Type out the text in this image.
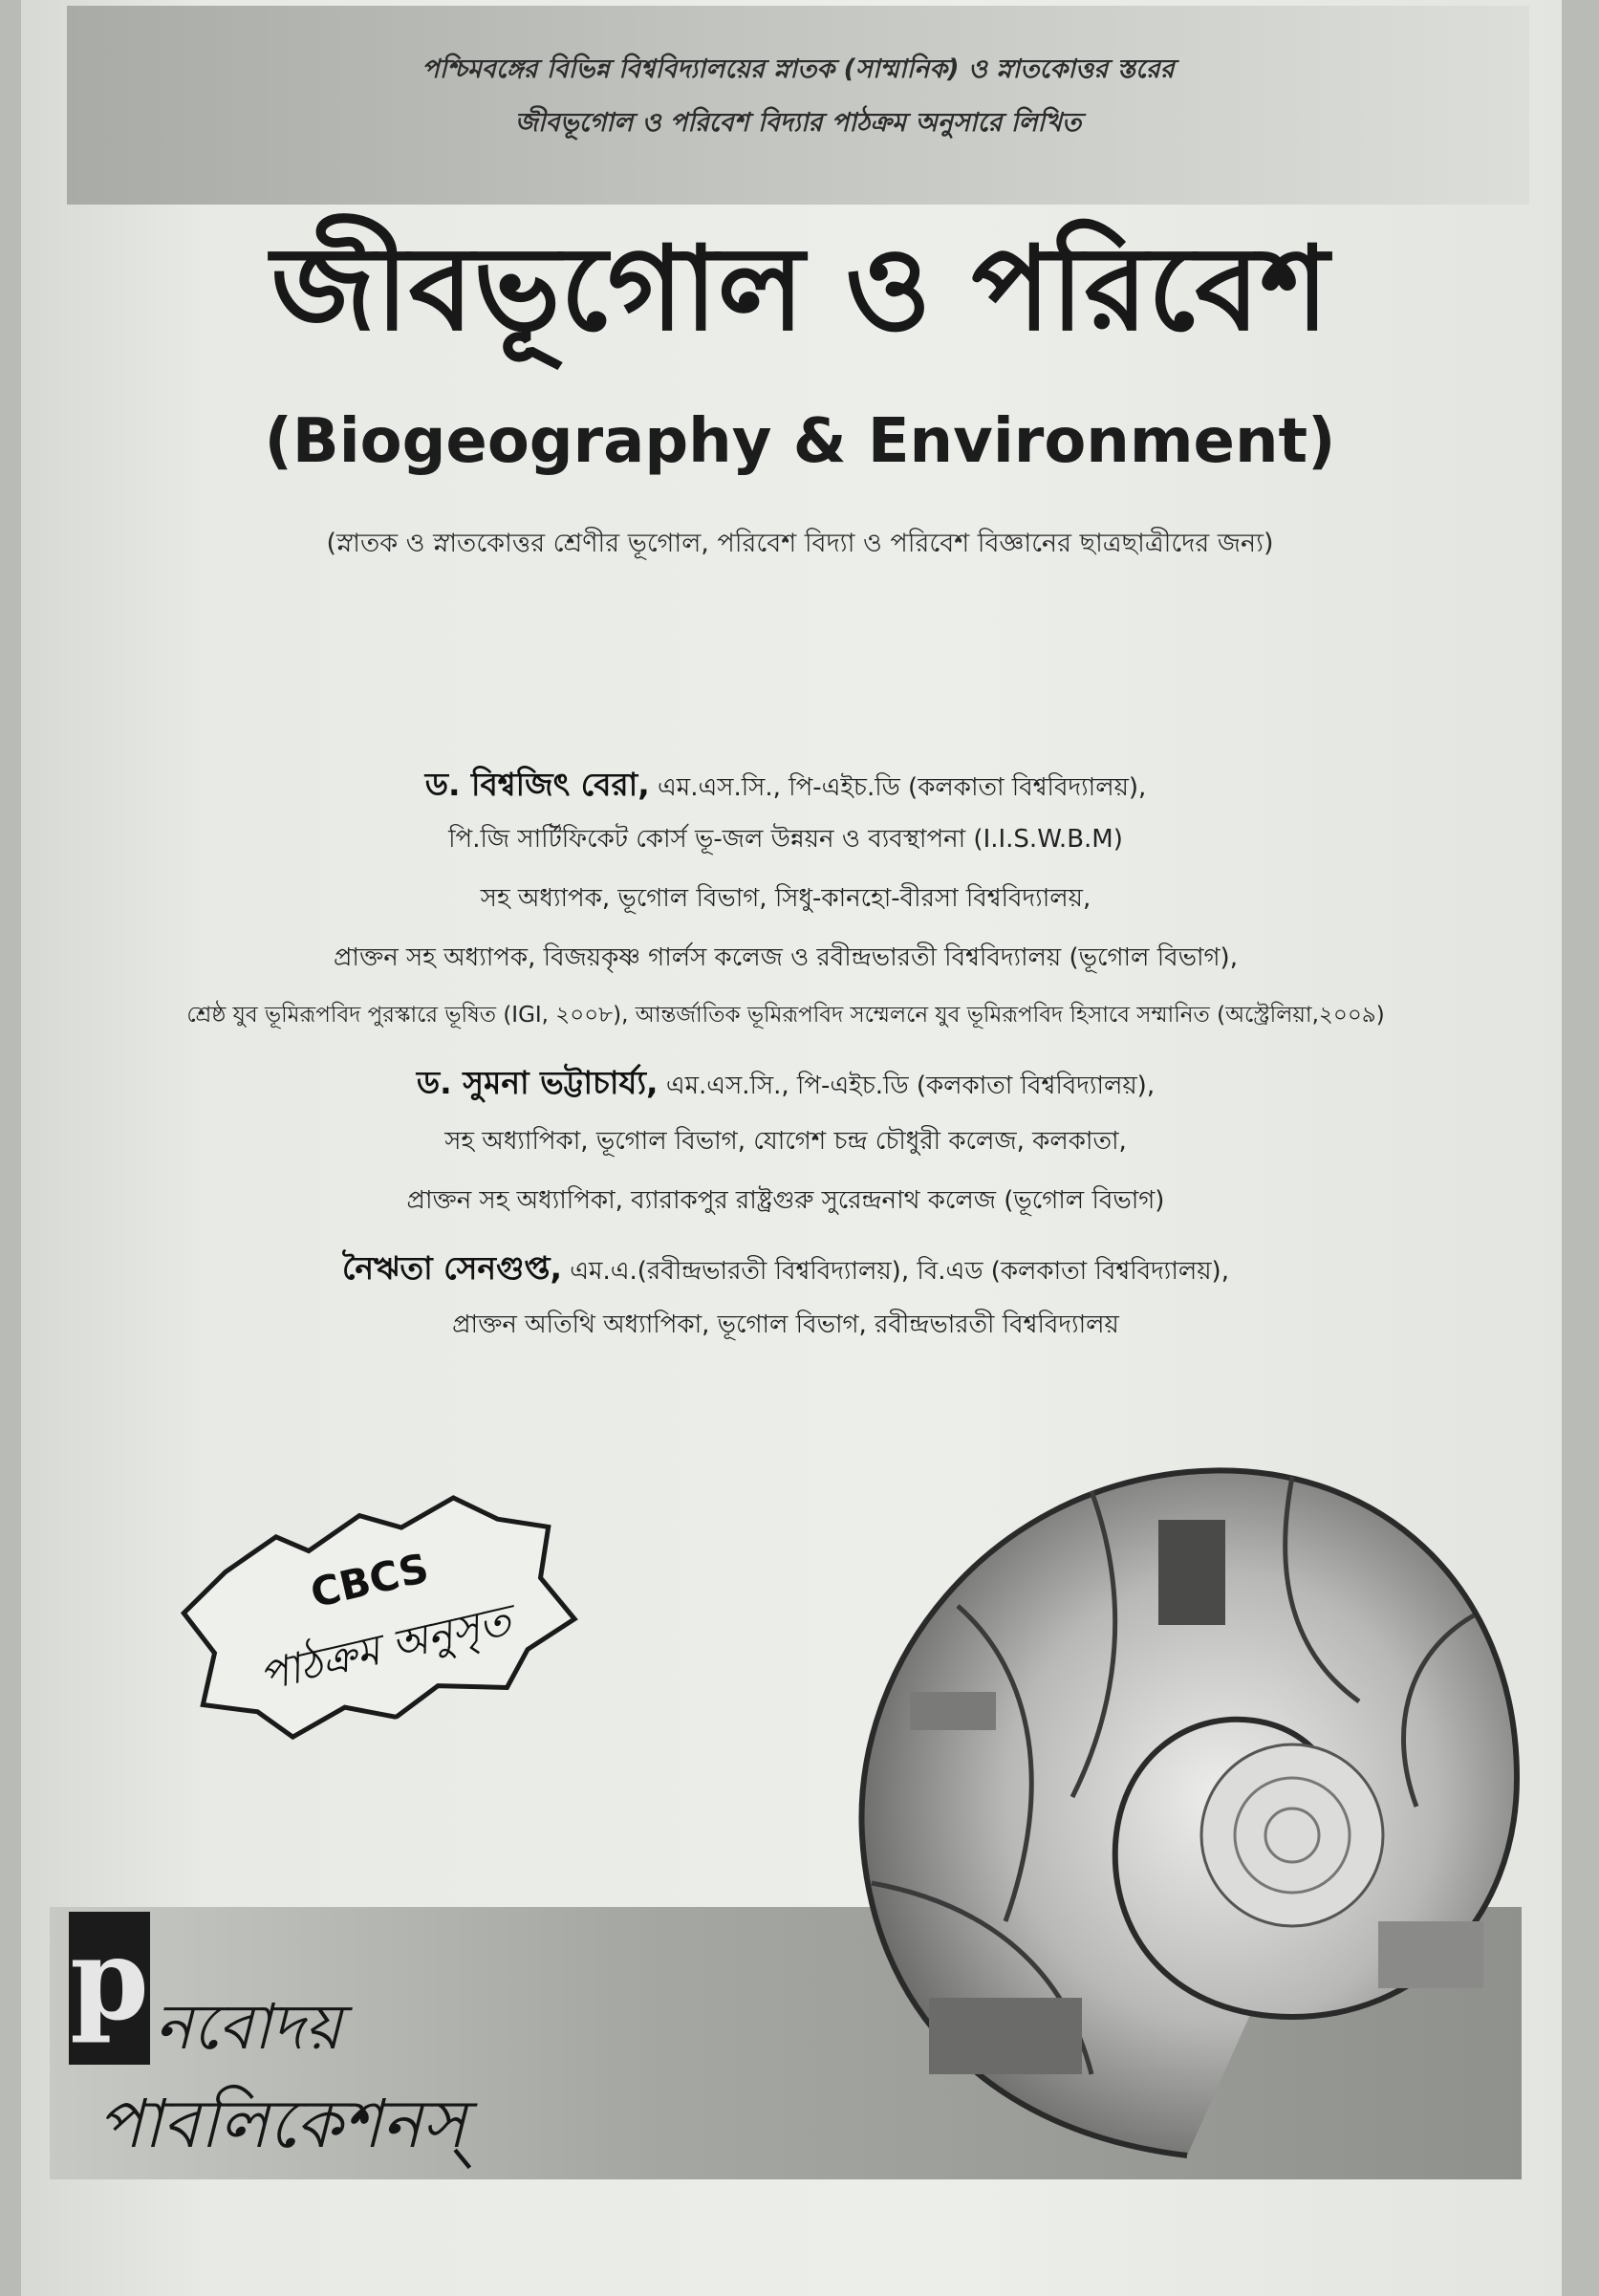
পশ্চিমবঙ্গের বিভিন্ন বিশ্ববিদ্যালয়ের স্নাতক (সাম্মানিক) ও স্নাতকোত্তর স্তরের
জীবভূগোল ও পরিবেশ বিদ্যার পাঠক্রম অনুসারে লিখিত
জীবভূগোল ও পরিবেশ
(Biogeography & Environment)
(স্নাতক ও স্নাতকোত্তর শ্রেণীর ভূগোল, পরিবেশ বিদ্যা ও পরিবেশ বিজ্ঞানের ছাত্রছাত্রীদের জন্য)
ড. বিশ্বজিৎ বেরা, এম.এস.সি., পি-এইচ.ডি (কলকাতা বিশ্ববিদ্যালয়),
পি.জি সার্টিফিকেট কোর্স ভূ-জল উন্নয়ন ও ব্যবস্থাপনা (I.I.S.W.B.M)
সহ অধ্যাপক, ভূগোল বিভাগ, সিধু-কানহো-বীরসা বিশ্ববিদ্যালয়,
প্রাক্তন সহ অধ্যাপক, বিজয়কৃষ্ণ গার্লস কলেজ ও রবীন্দ্রভারতী বিশ্ববিদ্যালয় (ভূগোল বিভাগ),
শ্রেষ্ঠ যুব ভূমিরূপবিদ পুরস্কারে ভূষিত (IGI, ২০০৮), আন্তর্জাতিক ভূমিরূপবিদ সম্মেলনে যুব ভূমিরূপবিদ হিসাবে সম্মানিত (অস্ট্রেলিয়া,২০০৯)
ড. সুমনা ভট্টাচার্য্য, এম.এস.সি., পি-এইচ.ডি (কলকাতা বিশ্ববিদ্যালয়),
সহ অধ্যাপিকা, ভূগোল বিভাগ, যোগেশ চন্দ্র চৌধুরী কলেজ, কলকাতা,
প্রাক্তন সহ অধ্যাপিকা, ব্যারাকপুর রাষ্ট্রগুরু সুরেন্দ্রনাথ কলেজ (ভূগোল বিভাগ)
নৈঋতা সেনগুপ্ত, এম.এ.(রবীন্দ্রভারতী বিশ্ববিদ্যালয়), বি.এড (কলকাতা বিশ্ববিদ্যালয়),
প্রাক্তন অতিথি অধ্যাপিকা, ভূগোল বিভাগ, রবীন্দ্রভারতী বিশ্ববিদ্যালয়
CBCS
পাঠক্রম অনুসৃত
p নবোদয়
পাবলিকেশনস্
